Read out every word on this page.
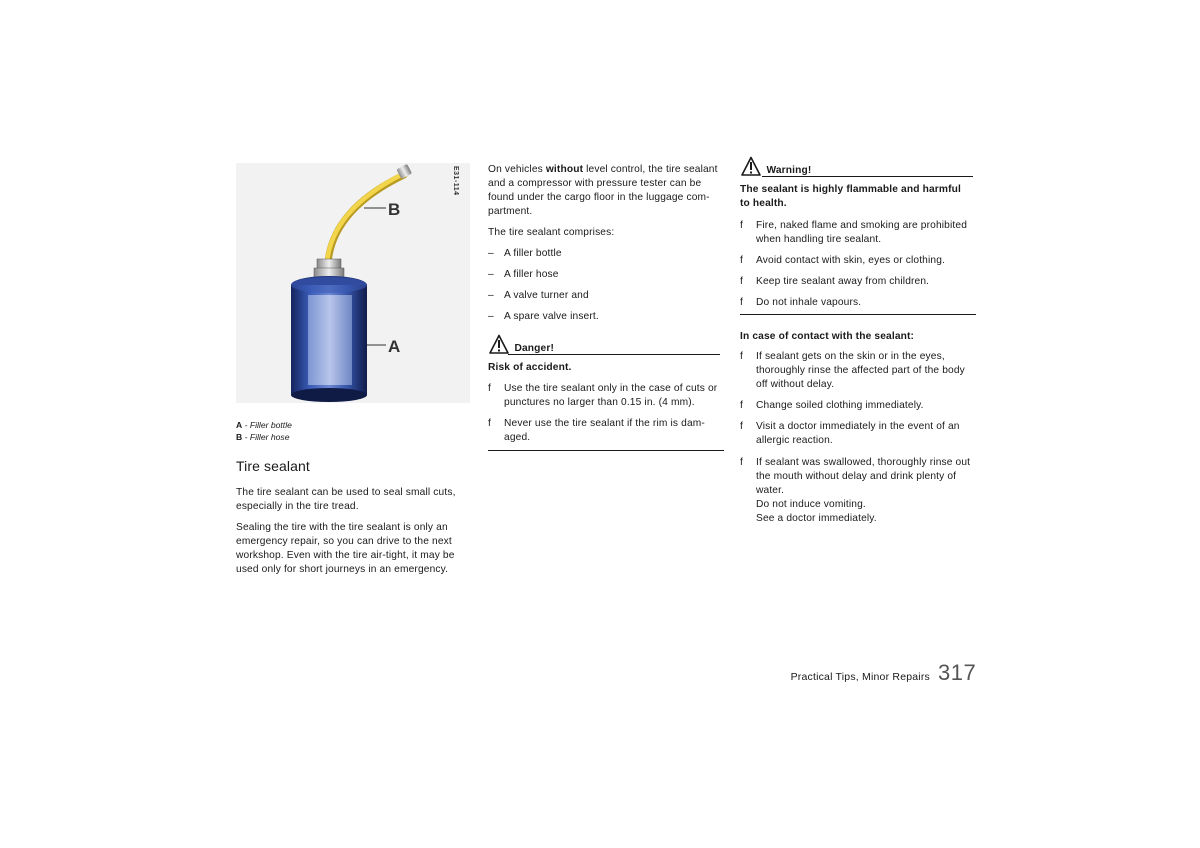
B
A
E31-114
A - Filler bottle
B - Filler hose
Tire sealant
The tire sealant can be used to seal small cuts,
especially in the tire tread.
Sealing the tire with the tire sealant is only an
emergency repair, so you can drive to the next
workshop. Even with the tire air-tight, it may be
used only for short journeys in an emergency.
On vehicles without level control, the tire sealant
and a compressor with pressure tester can be
found under the cargo floor in the luggage com-
partment.
The tire sealant comprises:
– A filler bottle
– A filler hose
– A valve turner and
– A spare valve insert.
Danger!
Risk of accident.
f	Use the tire sealant only in the case of cuts or
punctures no larger than 0.15 in. (4 mm).
f	Never use the tire sealant if the rim is dam-
aged.
Warning!
The sealant is highly flammable and harmful
to health.
f	Fire, naked flame and smoking are prohibited
when handling tire sealant.
f	Avoid contact with skin, eyes or clothing.
f	Keep tire sealant away from children.
f	Do not inhale vapours.
In case of contact with the sealant:
f	If sealant gets on the skin or in the eyes,
thoroughly rinse the affected part of the body
off without delay.
f	Change soiled clothing immediately.
f	Visit a doctor immediately in the event of an
allergic reaction.
f	If sealant was swallowed, thoroughly rinse out
the mouth without delay and drink plenty of
water.
Do not induce vomiting.
See a doctor immediately.
Practical Tips, Minor Repairs 317
